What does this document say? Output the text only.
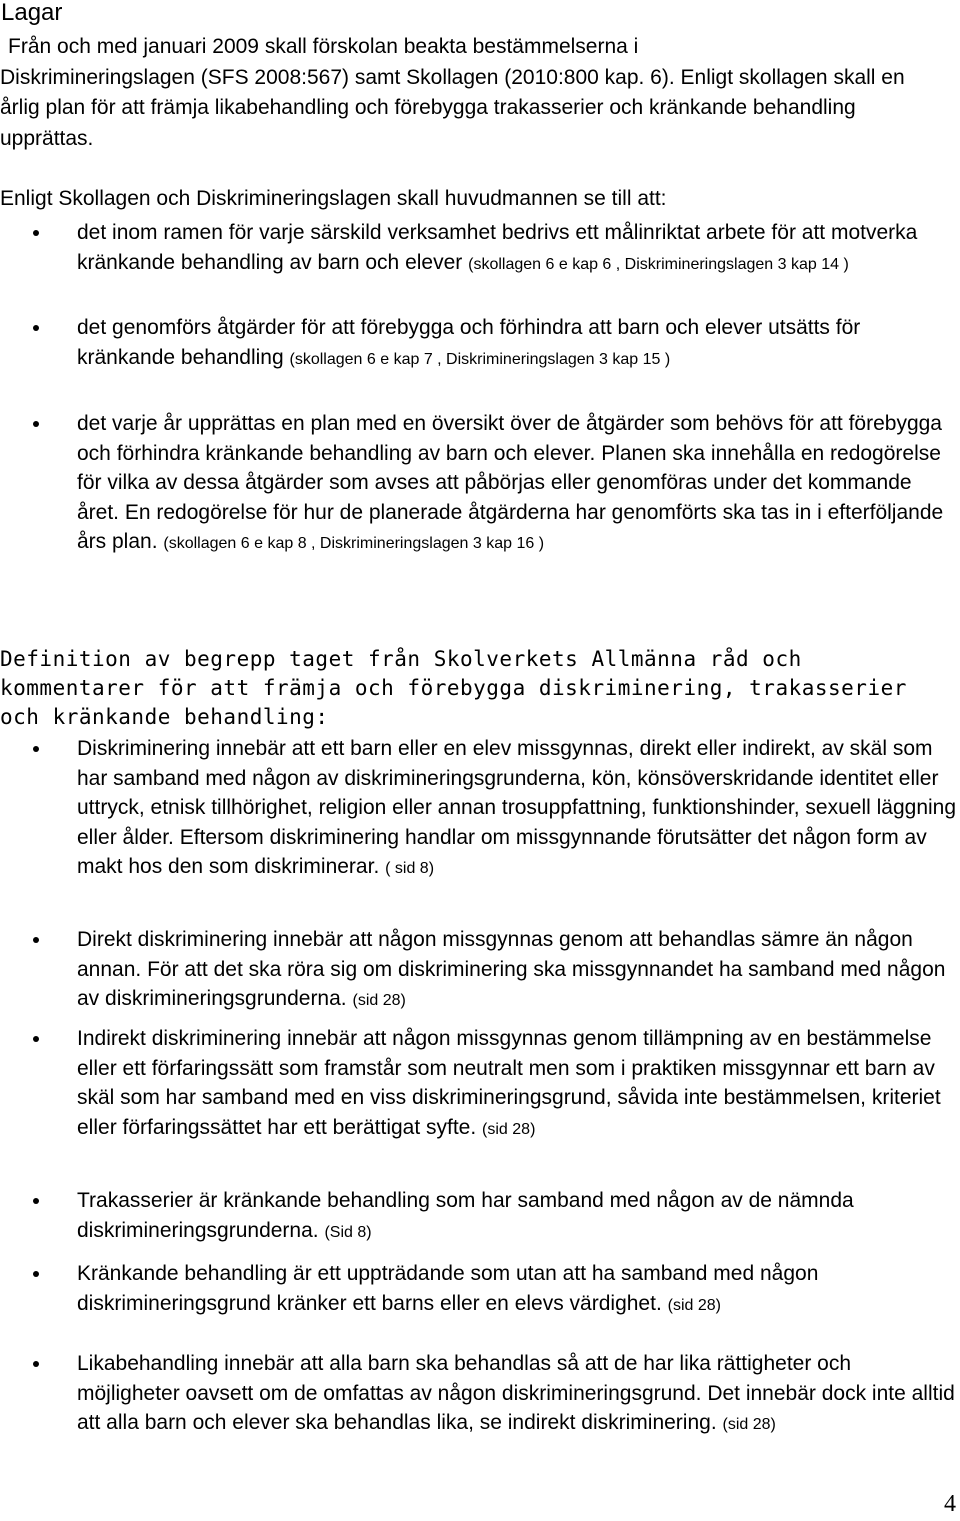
Lagar
Från och med januari 2009 skall förskolan beakta bestämmelserna i
Diskrimineringslagen (SFS 2008:567) samt Skollagen (2010:800 kap. 6). Enligt skollagen skall en årlig plan för att främja likabehandling och förebygga trakasserier och kränkande behandling upprättas.
Enligt Skollagen och Diskrimineringslagen skall huvudmannen se till att:
det inom ramen för varje särskild verksamhet bedrivs ett målinriktat arbete för att motverka kränkande behandling av barn och elever (skollagen 6 e kap 6 , Diskrimineringslagen 3 kap 14 )
det genomförs åtgärder för att förebygga och förhindra att barn och elever utsätts för kränkande behandling (skollagen 6 e kap 7 , Diskrimineringslagen 3 kap 15 )
det varje år upprättas en plan med en översikt över de åtgärder som behövs för att förebygga och förhindra kränkande behandling av barn och elever. Planen ska innehålla en redogörelse för vilka av dessa åtgärder som avses att påbörjas eller genomföras under det kommande året. En redogörelse för hur de planerade åtgärderna har genomförts ska tas in i efterföljande års plan. (skollagen 6 e kap 8 , Diskrimineringslagen 3 kap 16 )
Definition av begrepp taget från Skolverkets Allmänna råd och kommentarer för att främja och förebygga diskriminering, trakasserier och kränkande behandling:
Diskriminering innebär att ett barn eller en elev missgynnas, direkt eller indirekt, av skäl som har samband med någon av diskrimineringsgrunderna, kön, könsöverskridande identitet eller uttryck, etnisk tillhörighet, religion eller annan trosuppfattning, funktionshinder, sexuell läggning eller ålder. Eftersom diskriminering handlar om missgynnande förutsätter det någon form av makt hos den som diskriminerar. ( sid 8)
Direkt diskriminering innebär att någon missgynnas genom att behandlas sämre än någon annan. För att det ska röra sig om diskriminering ska missgynnandet ha samband med någon av diskrimineringsgrunderna. (sid 28)
Indirekt diskriminering innebär att någon missgynnas genom tillämpning av en bestämmelse eller ett förfaringssätt som framstår som neutralt men som i praktiken missgynnar ett barn av skäl som har samband med en viss diskrimineringsgrund, såvida inte bestämmelsen, kriteriet eller förfaringssättet har ett berättigat syfte. (sid 28)
Trakasserier är kränkande behandling som har samband med någon av de nämnda diskrimineringsgrunderna. (Sid 8)
Kränkande behandling är ett uppträdande som utan att ha samband med någon diskrimineringsgrund kränker ett barns eller en elevs värdighet. (sid 28)
Likabehandling innebär att alla barn ska behandlas så att de har lika rättigheter och möjligheter oavsett om de omfattas av någon diskrimineringsgrund. Det innebär dock inte alltid att alla barn och elever ska behandlas lika, se indirekt diskriminering. (sid 28)
4
